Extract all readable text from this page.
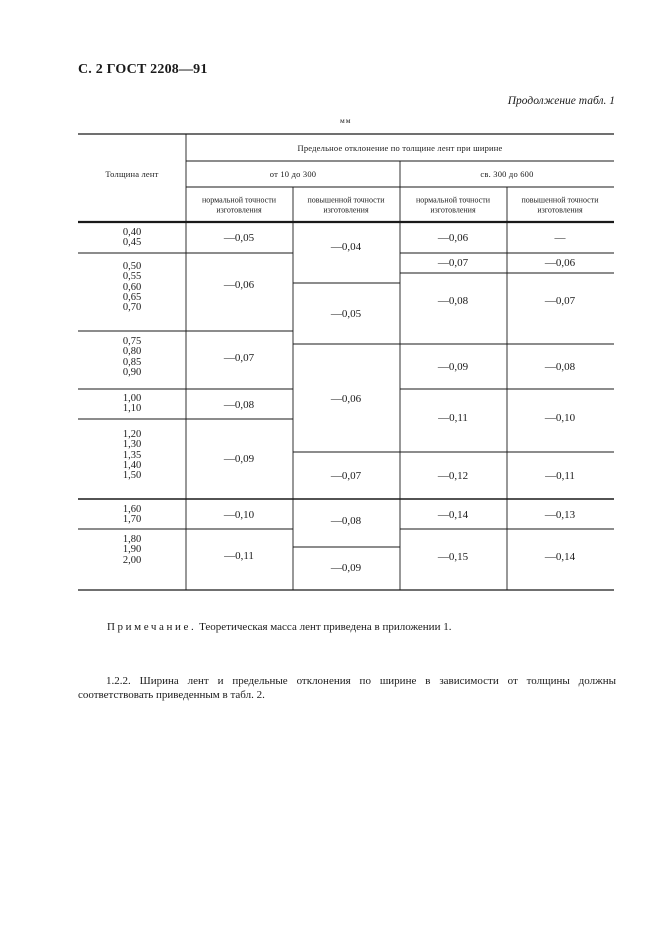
С. 2 ГОСТ 2208—91
Продолжение табл. 1
мм
Толщина лент
Предельное отклонение по толщине лент при ширине
от 10 до 300	св. 300 до 600
нормальной точности изготовления
повышенной точности изготовления
нормальной точности изготовления
повышенной точности изготовления
0,40
0,45
0,50
0,55
0,60
0,65
0,70
0,75
0,80
0,85
0,90
1,00
1,10
1,20
1,30
1,35
1,40
1,50
1,60
1,70
1,80
1,90
2,00
—0,05
—0,06
—0,07
—0,08
—0,09
—0,10
—0,11
—0,04
—0,05
—0,06
—0,07
—0,08
—0,09
—0,06
—0,07
—0,08
—0,09
—0,11
—0,12
—0,14
—0,15
—
—0,06
—0,07
—0,08
—0,10
—0,11
—0,13
—0,14
Примечание. Теоретическая масса лент приведена в приложении 1.
1.2.2. Ширина лент и предельные отклонения по ширине в зависимости от толщины должны соответствовать приведенным в табл. 2.
